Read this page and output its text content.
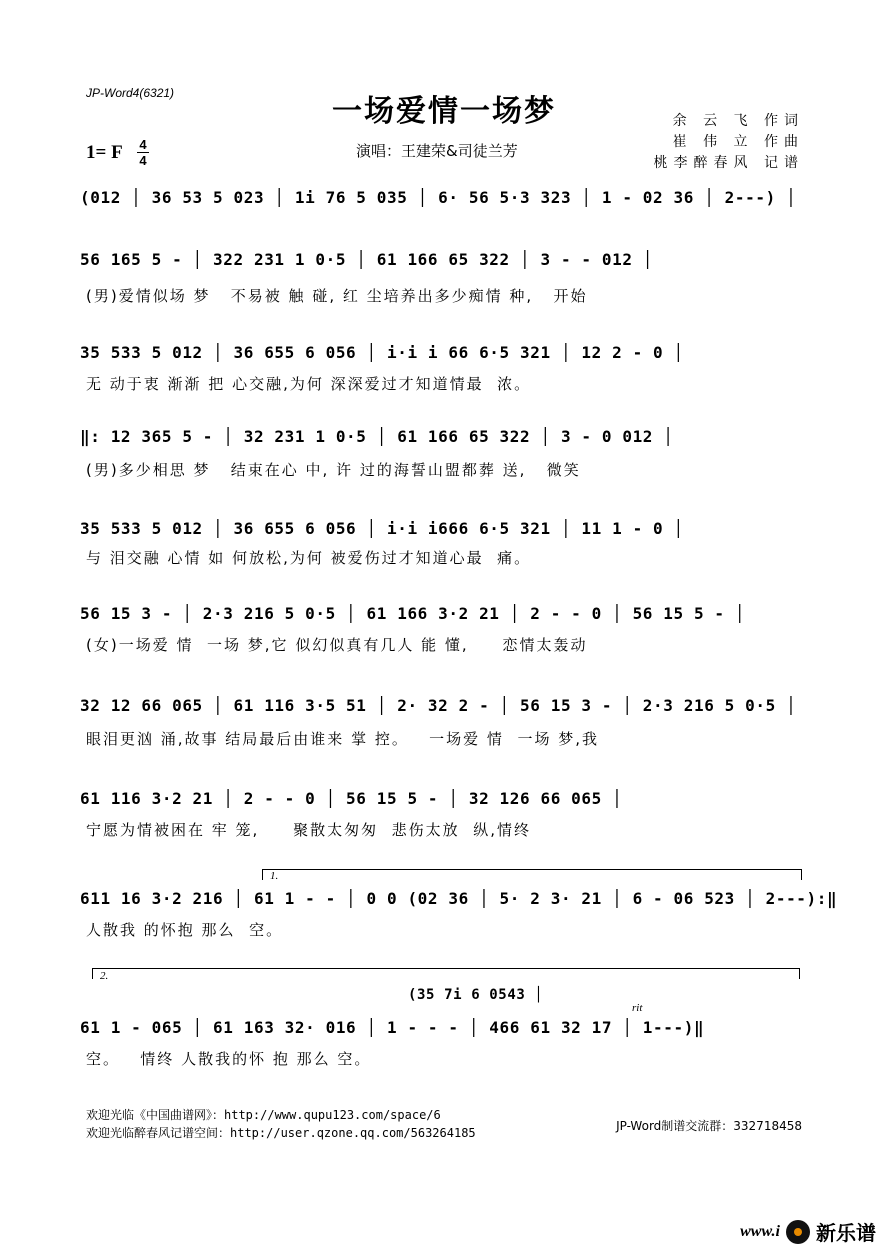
JP-Word4(6321)
一场爱情一场梦
1= F 4
4
演唱：王建荣&司徒兰芳
余 云 飞 作词
崔 伟 立 作曲
桃李醉春风 记谱
(012 │ 36 53 5 023 │ 1i 76 5 035 │ 6· 56 5·3 323 │ 1 - 02 36 │ 2---) │
56 165 5 - │ 322 231 1 0·5 │ 61 166 65 322 │ 3 - - 012 │
(男)爱情似场 梦   不易被 触 碰, 红 尘培养出多少痴情 种,   开始
35 533 5 012 │ 36 655 6 056 │ i·i i 66 6·5 321 │ 12 2 - 0 │
无 动于衷 渐渐 把 心交融,为何 深深爱过才知道情最  浓。
‖: 12 365 5 - │ 32 231 1 0·5 │ 61 166 65 322 │ 3 - 0 012 │
(男)多少相思 梦   结束在心 中, 许 过的海誓山盟都葬 送,   微笑
35 533 5 012 │ 36 655 6 056 │ i·i i666 6·5 321 │ 11 1 - 0 │
与 泪交融 心情 如 何放松,为何 被爱伤过才知道心最  痛。
56 15 3 - │ 2·3 216 5 0·5 │ 61 166 3·2 21 │ 2 - - 0 │ 56 15 5 - │
(女)一场爱 情  一场 梦,它 似幻似真有几人 能 懂,     恋情太轰动
32 12 66 065 │ 61 116 3·5 51 │ 2· 32 2 - │ 56 15 3 - │ 2·3 216 5 0·5 │
眼泪更汹 涌,故事 结局最后由谁来 掌 控。   一场爱 情  一场 梦,我
61 116 3·2 21 │ 2 - - 0 │ 56 15 5 - │ 32 126 66 065 │
宁愿为情被困在 牢 笼,     聚散太匆匆  悲伤太放  纵,情终
1.
611 16 3·2 216 │ 61 1 - - │ 0 0 (02 36 │ 5· 2 3· 21 │ 6 - 06 523 │ 2---):‖
人散我 的怀抱 那么  空。
2.
(35 7i 6 0543 │
rit
61 1 - 065 │ 61 163 32· 016 │ 1 - - - │ 466 61 32 17 │ 1---)‖
空。   情终 人散我的怀 抱 那么 空。
欢迎光临《中国曲谱网》：http://www.qupu123.com/space/6
欢迎光临醉春风记谱空间：http://user.qzone.qq.com/563264185	JP-Word制谱交流群：332718458
www.i 新乐谱
